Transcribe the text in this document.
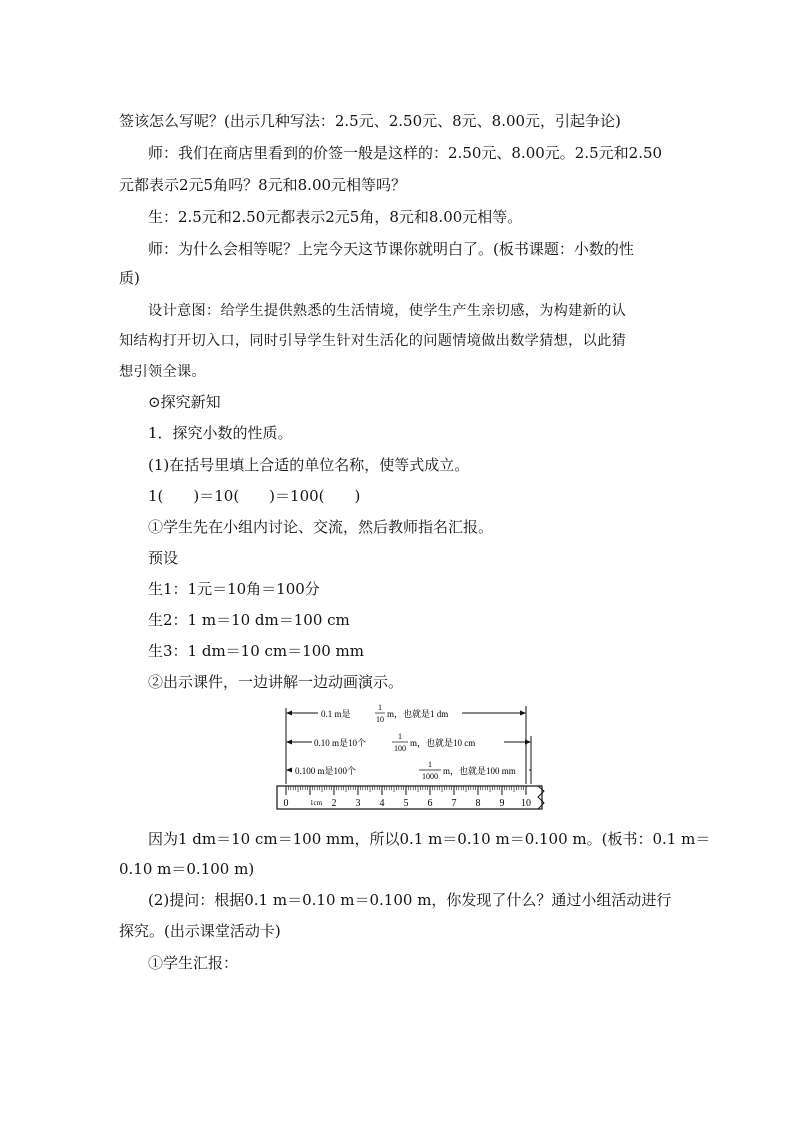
签该怎么写呢？(出示几种写法：2.5元、2.50元、8元、8.00元，引起争论)
师：我们在商店里看到的价签一般是这样的：2.50元、8.00元。2.5元和2.50
元都表示2元5角吗？8元和8.00元相等吗？
生：2.5元和2.50元都表示2元5角，8元和8.00元相等。
师：为什么会相等呢？上完今天这节课你就明白了。(板书课题：小数的性
质)
设计意图：给学生提供熟悉的生活情境，使学生产生亲切感，为构建新的认
知结构打开切入口，同时引导学生针对生活化的问题情境做出数学猜想，以此猜
想引领全课。
⊙探究新知
1．探究小数的性质。
(1)在括号里填上合适的单位名称，使等式成立。
1(　　)＝10(　　)＝100(　　)
①学生先在小组内讨论、交流，然后教师指名汇报。
预设
生1：1元＝10角＝100分
生2：1 m＝10 dm＝100 cm
生3：1 dm＝10 cm＝100 mm
②出示课件，一边讲解一边动画演示。
0.1 m是
1
10
m，也就是1 dm
0.10 m是10个
1
100
m，也就是10 cm
0.100 m是100个
1
1000
m，也就是100 mm
0	1cm 2 3 4 5 6 7 8 9 10
因为1 dm＝10 cm＝100 mm，所以0.1 m＝0.10 m＝0.100 m。(板书：0.1 m＝
0.10 m＝0.100 m)
(2)提问：根据0.1 m＝0.10 m＝0.100 m，你发现了什么？通过小组活动进行
探究。(出示课堂活动卡)
①学生汇报：
